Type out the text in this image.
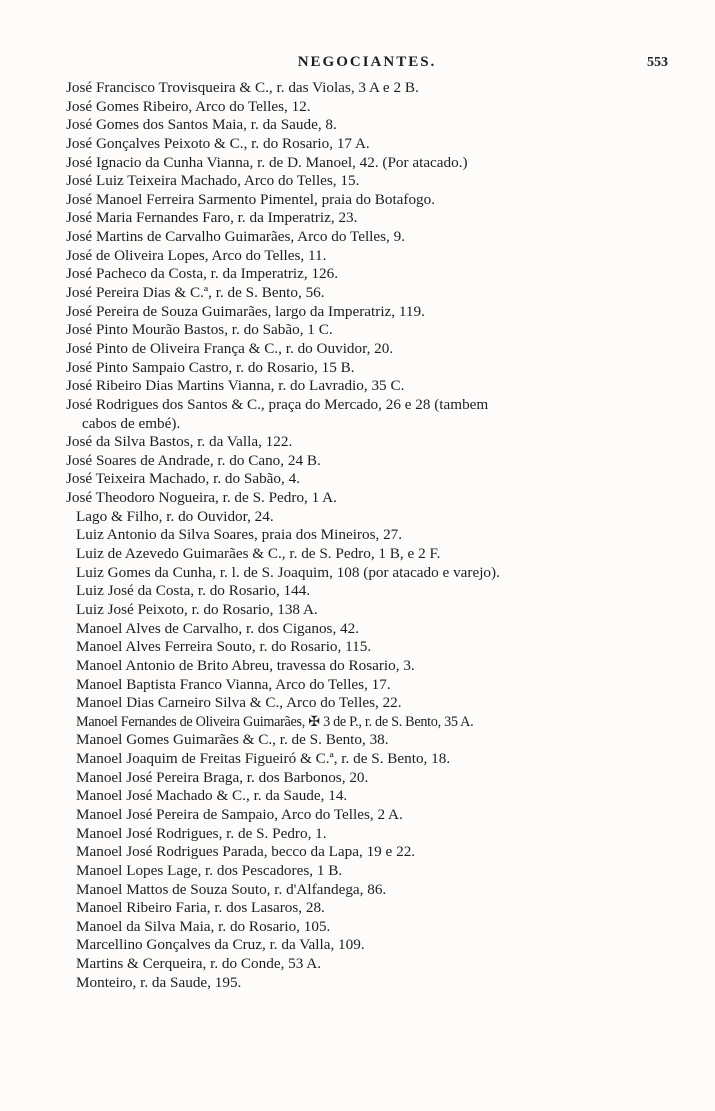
NEGOCIANTES.	553
José Francisco Trovisqueira & C., r. das Violas, 3 A e 2 B.
José Gomes Ribeiro, Arco do Telles, 12.
José Gomes dos Santos Maia, r. da Saude, 8.
José Gonçalves Peixoto & C., r. do Rosario, 17 A.
José Ignacio da Cunha Vianna, r. de D. Manoel, 42. (Por atacado.)
José Luiz Teixeira Machado, Arco do Telles, 15.
José Manoel Ferreira Sarmento Pimentel, praia do Botafogo.
José Maria Fernandes Faro, r. da Imperatriz, 23.
José Martins de Carvalho Guimarães, Arco do Telles, 9.
José de Oliveira Lopes, Arco do Telles, 11.
José Pacheco da Costa, r. da Imperatriz, 126.
José Pereira Dias & C.ª, r. de S. Bento, 56.
José Pereira de Souza Guimarães, largo da Imperatriz, 119.
José Pinto Mourão Bastos, r. do Sabão, 1 C.
José Pinto de Oliveira França & C., r. do Ouvidor, 20.
José Pinto Sampaio Castro, r. do Rosario, 15 B.
José Ribeiro Dias Martins Vianna, r. do Lavradio, 35 C.
José Rodrigues dos Santos & C., praça do Mercado, 26 e 28 (tambem
cabos de embé).
José da Silva Bastos, r. da Valla, 122.
José Soares de Andrade, r. do Cano, 24 B.
José Teixeira Machado, r. do Sabão, 4.
José Theodoro Nogueira, r. de S. Pedro, 1 A.
Lago & Filho, r. do Ouvidor, 24.
Luiz Antonio da Silva Soares, praia dos Mineiros, 27.
Luiz de Azevedo Guimarães & C., r. de S. Pedro, 1 B, e 2 F.
Luiz Gomes da Cunha, r. l. de S. Joaquim, 108 (por atacado e varejo).
Luiz José da Costa, r. do Rosario, 144.
Luiz José Peixoto, r. do Rosario, 138 A.
Manoel Alves de Carvalho, r. dos Ciganos, 42.
Manoel Alves Ferreira Souto, r. do Rosario, 115.
Manoel Antonio de Brito Abreu, travessa do Rosario, 3.
Manoel Baptista Franco Vianna, Arco do Telles, 17.
Manoel Dias Carneiro Silva & C., Arco do Telles, 22.
Manoel Fernandes de Oliveira Guimarães, ✠ 3 de P., r. de S. Bento, 35 A.
Manoel Gomes Guimarães & C., r. de S. Bento, 38.
Manoel Joaquim de Freitas Figueiró & C.ª, r. de S. Bento, 18.
Manoel José Pereira Braga, r. dos Barbonos, 20.
Manoel José Machado & C., r. da Saude, 14.
Manoel José Pereira de Sampaio, Arco do Telles, 2 A.
Manoel José Rodrigues, r. de S. Pedro, 1.
Manoel José Rodrigues Parada, becco da Lapa, 19 e 22.
Manoel Lopes Lage, r. dos Pescadores, 1 B.
Manoel Mattos de Souza Souto, r. d'Alfandega, 86.
Manoel Ribeiro Faria, r. dos Lasaros, 28.
Manoel da Silva Maia, r. do Rosario, 105.
Marcellino Gonçalves da Cruz, r. da Valla, 109.
Martins & Cerqueira, r. do Conde, 53 A.
Monteiro, r. da Saude, 195.
